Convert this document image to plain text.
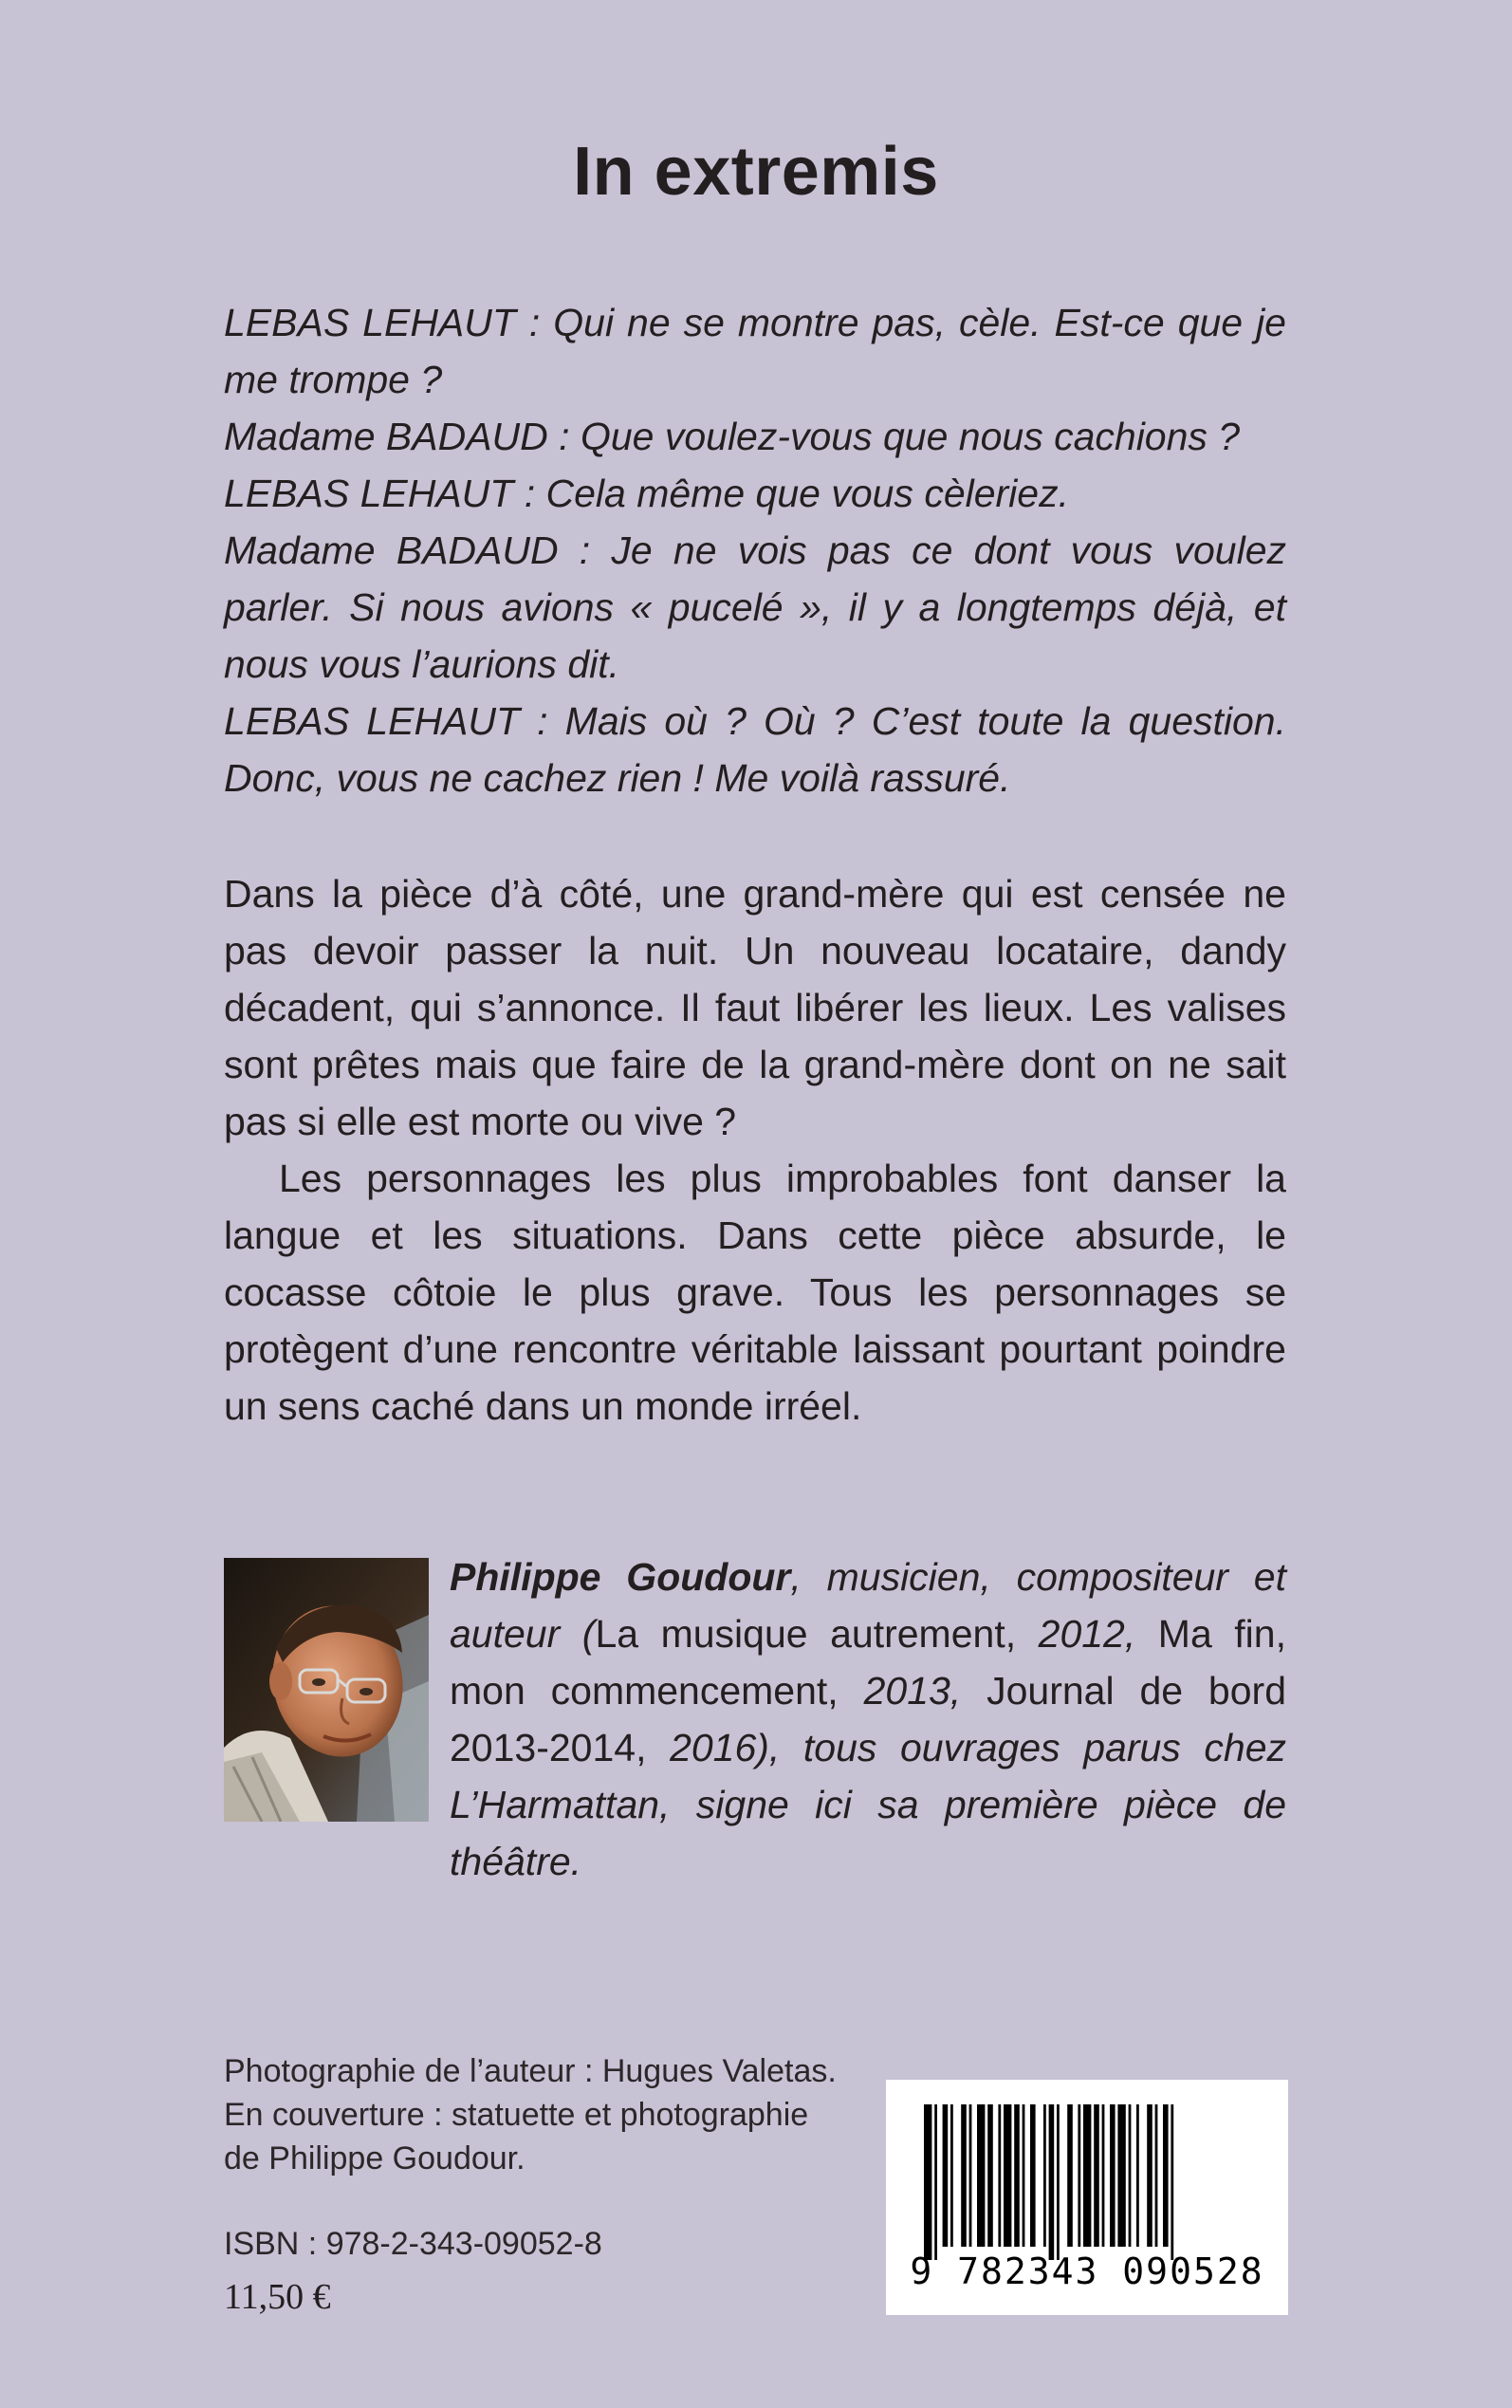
In extremis

LEBAS LEHAUT : Qui ne se montre pas, cèle. Est-ce que je me trompe ?

Madame BADAUD : Que voulez-vous que nous cachions ?

LEBAS LEHAUT : Cela même que vous cèleriez.

Madame BADAUD : Je ne vois pas ce dont vous voulez parler. Si nous avions « pucelé », il y a longtemps déjà, et nous vous l’aurions dit.

LEBAS LEHAUT : Mais où ? Où ? C’est toute la question. Donc, vous ne cachez rien ! Me voilà rassuré.

Dans la pièce d’à côté, une grand-mère qui est censée ne pas devoir passer la nuit. Un nouveau locataire, dandy décadent, qui s’annonce. Il faut libérer les lieux. Les valises sont prêtes mais que faire de la grand-mère dont on ne sait pas si elle est morte ou vive ?

Les personnages les plus improbables font danser la langue et les situations. Dans cette pièce absurde, le cocasse côtoie le plus grave. Tous les personnages se protègent d’une rencontre véritable laissant pourtant poindre un sens caché dans un monde irréel.

Philippe Goudour, musicien, compositeur et auteur (La musique autrement, 2012, Ma fin, mon commencement, 2013, Journal de bord 2013-2014, 2016), tous ouvrages parus chez L’Harmattan, signe ici sa première pièce de théâtre.

Photographie de l’auteur : Hugues Valetas.

En couverture : statuette et photographie

de Philippe Goudour.

ISBN : 978-2-343-09052-8
11,50 €
9 782343 090528
